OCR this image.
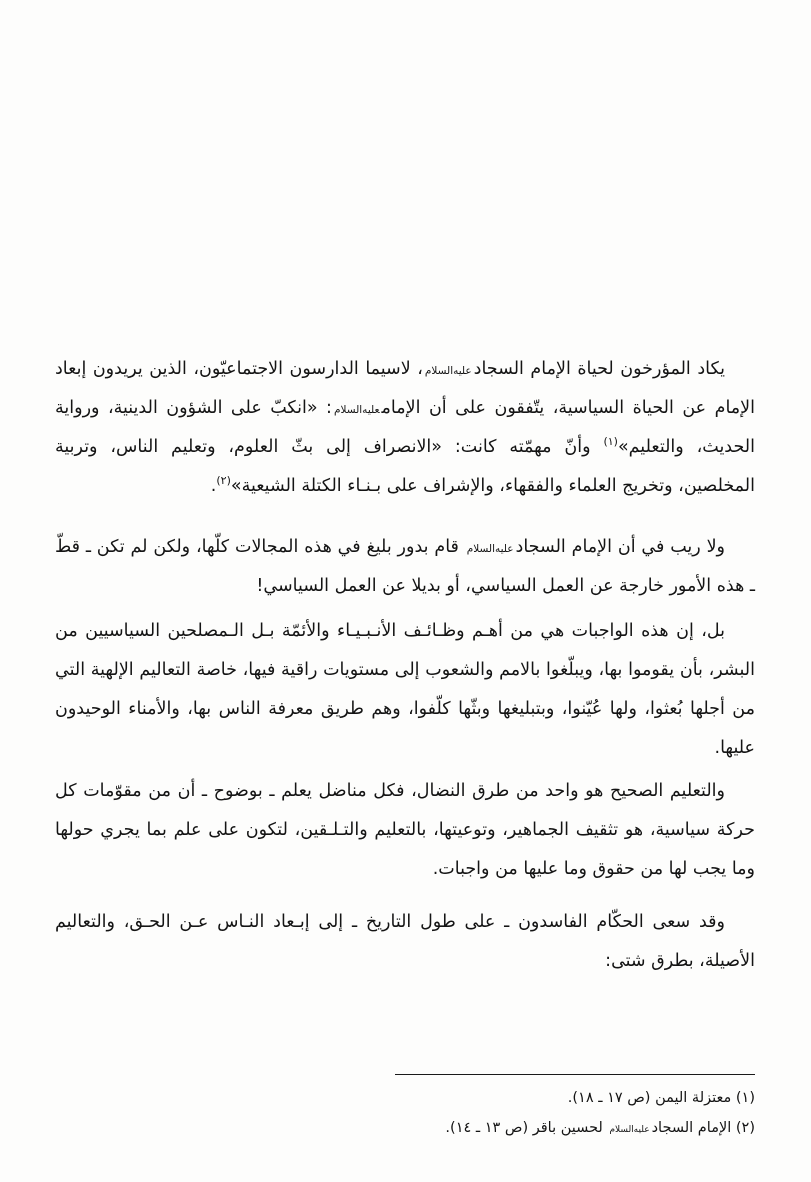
يكاد المؤرخون لحياة الإمام السجادعليه‌السلام، لاسيما الدارسون الاجتماعيّون، الذين يريدون إبعاد الإمام عن الحياة السياسية، يتّفقون على أن الإمامعليه‌السلام: «انكبّ على الشؤون الدينية، ورواية الحديث، والتعليم»$^{(١)}$ وأنّ مهمّته كانت: «الانصراف إلى بثّ العلوم، وتعليم الناس، وتربية المخلصين، وتخريج العلماء والفقهاء، والإشراف على بـنـاء الكتلة الشيعية»$^{(٢)}$.

ولا ريب في أن الإمام السجادعليه‌السلام قام بدور بليغ في هذه المجالات كلّها، ولكن لم تكن ـ قطّ ـ هذه الأمور خارجة عن العمل السياسي، أو بديلا عن العمل السياسي!

بل، إن هذه الواجبات هي من أهـم وظـائـف الأنـبـيـاء والأئمّة بـل الـمصلحين السياسيين من البشر، بأن يقوموا بها، ويبلّغوا بالامم والشعوب إلى مستويات راقية فيها، خاصة التعاليم الإلهية التي من أجلها بُعثوا، ولها عُيّنوا، وبتبليغها وبثّها كلّفوا، وهم طريق معرفة الناس بها، والأمناء الوحيدون عليها.

والتعليم الصحيح هو واحد من طرق النضال، فكل مناضل يعلم ـ بوضوح ـ أن من مقوّمات كل حركة سياسية، هو تثقيف الجماهير، وتوعيتها، بالتعليم والتـلـقين، لتكون على علم بما يجري حولها وما يجب لها من حقوق وما عليها من واجبات.

وقد سعى الحكّام الفاسدون ـ على طول التاريخ ـ إلى إبـعاد النـاس عـن الحـق، والتعاليم الأصيلة، بطرق شتى:

(١) معتزلة اليمن (ص ١٧ ـ ١٨).

(٢) الإمام السجادعليه‌السلام لحسين باقر (ص ١٣ ـ ١٤).
